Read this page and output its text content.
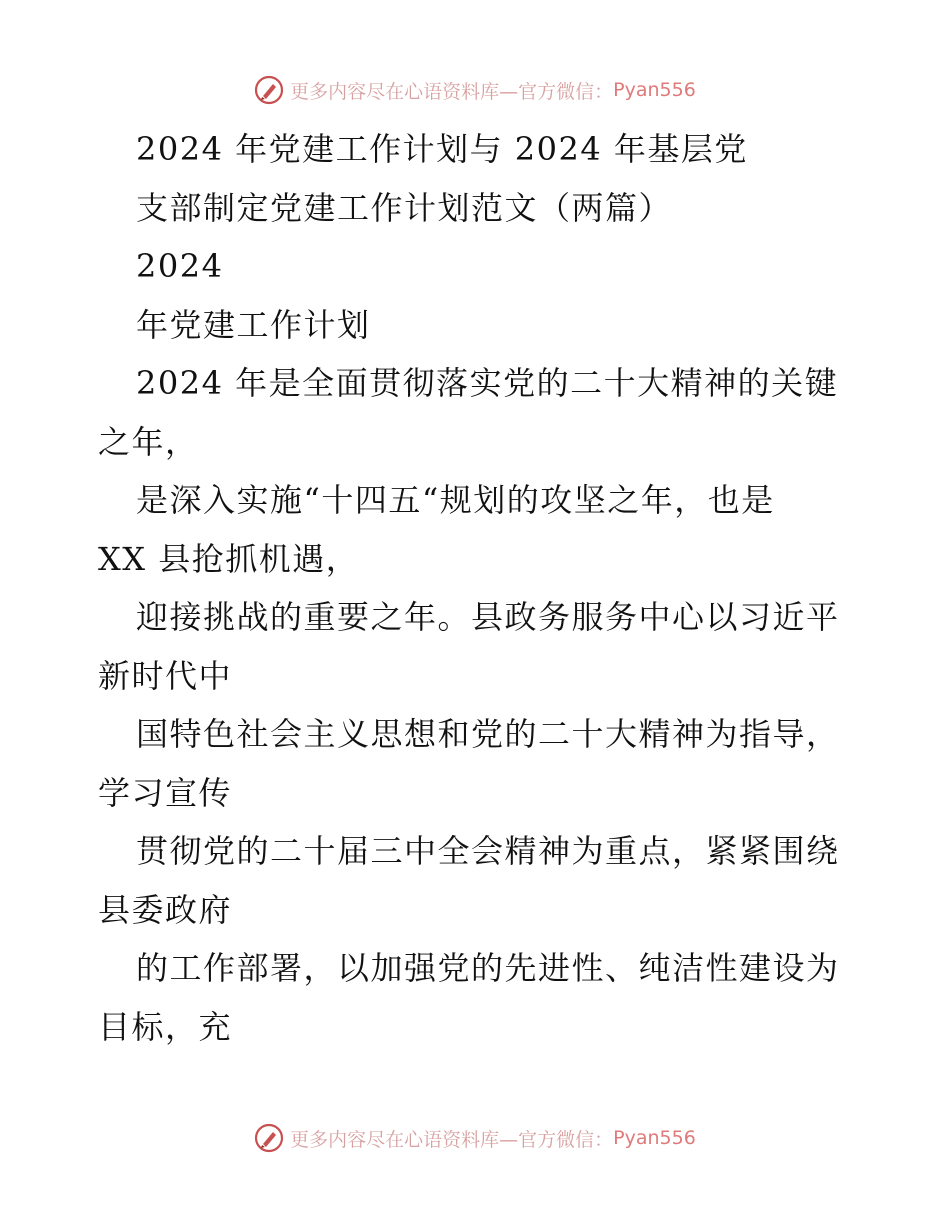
更多内容尽在心语资料库—官方微信： Pyan556
2024 年党建工作计划与 2024 年基层党
支部制定党建工作计划范文（两篇）
2024
年党建工作计划
2024 年是全面贯彻落实党的二十大精神的关键
之年，
是深入实施“十四五“规划的攻坚之年，也是
XX 县抢抓机遇，
迎接挑战的重要之年。县政务服务中心以习近平
新时代中
国特色社会主义思想和党的二十大精神为指导，
学习宣传
贯彻党的二十届三中全会精神为重点，紧紧围绕
县委政府
的工作部署，以加强党的先进性、纯洁性建设为
目标，充
更多内容尽在心语资料库—官方微信： Pyan556
